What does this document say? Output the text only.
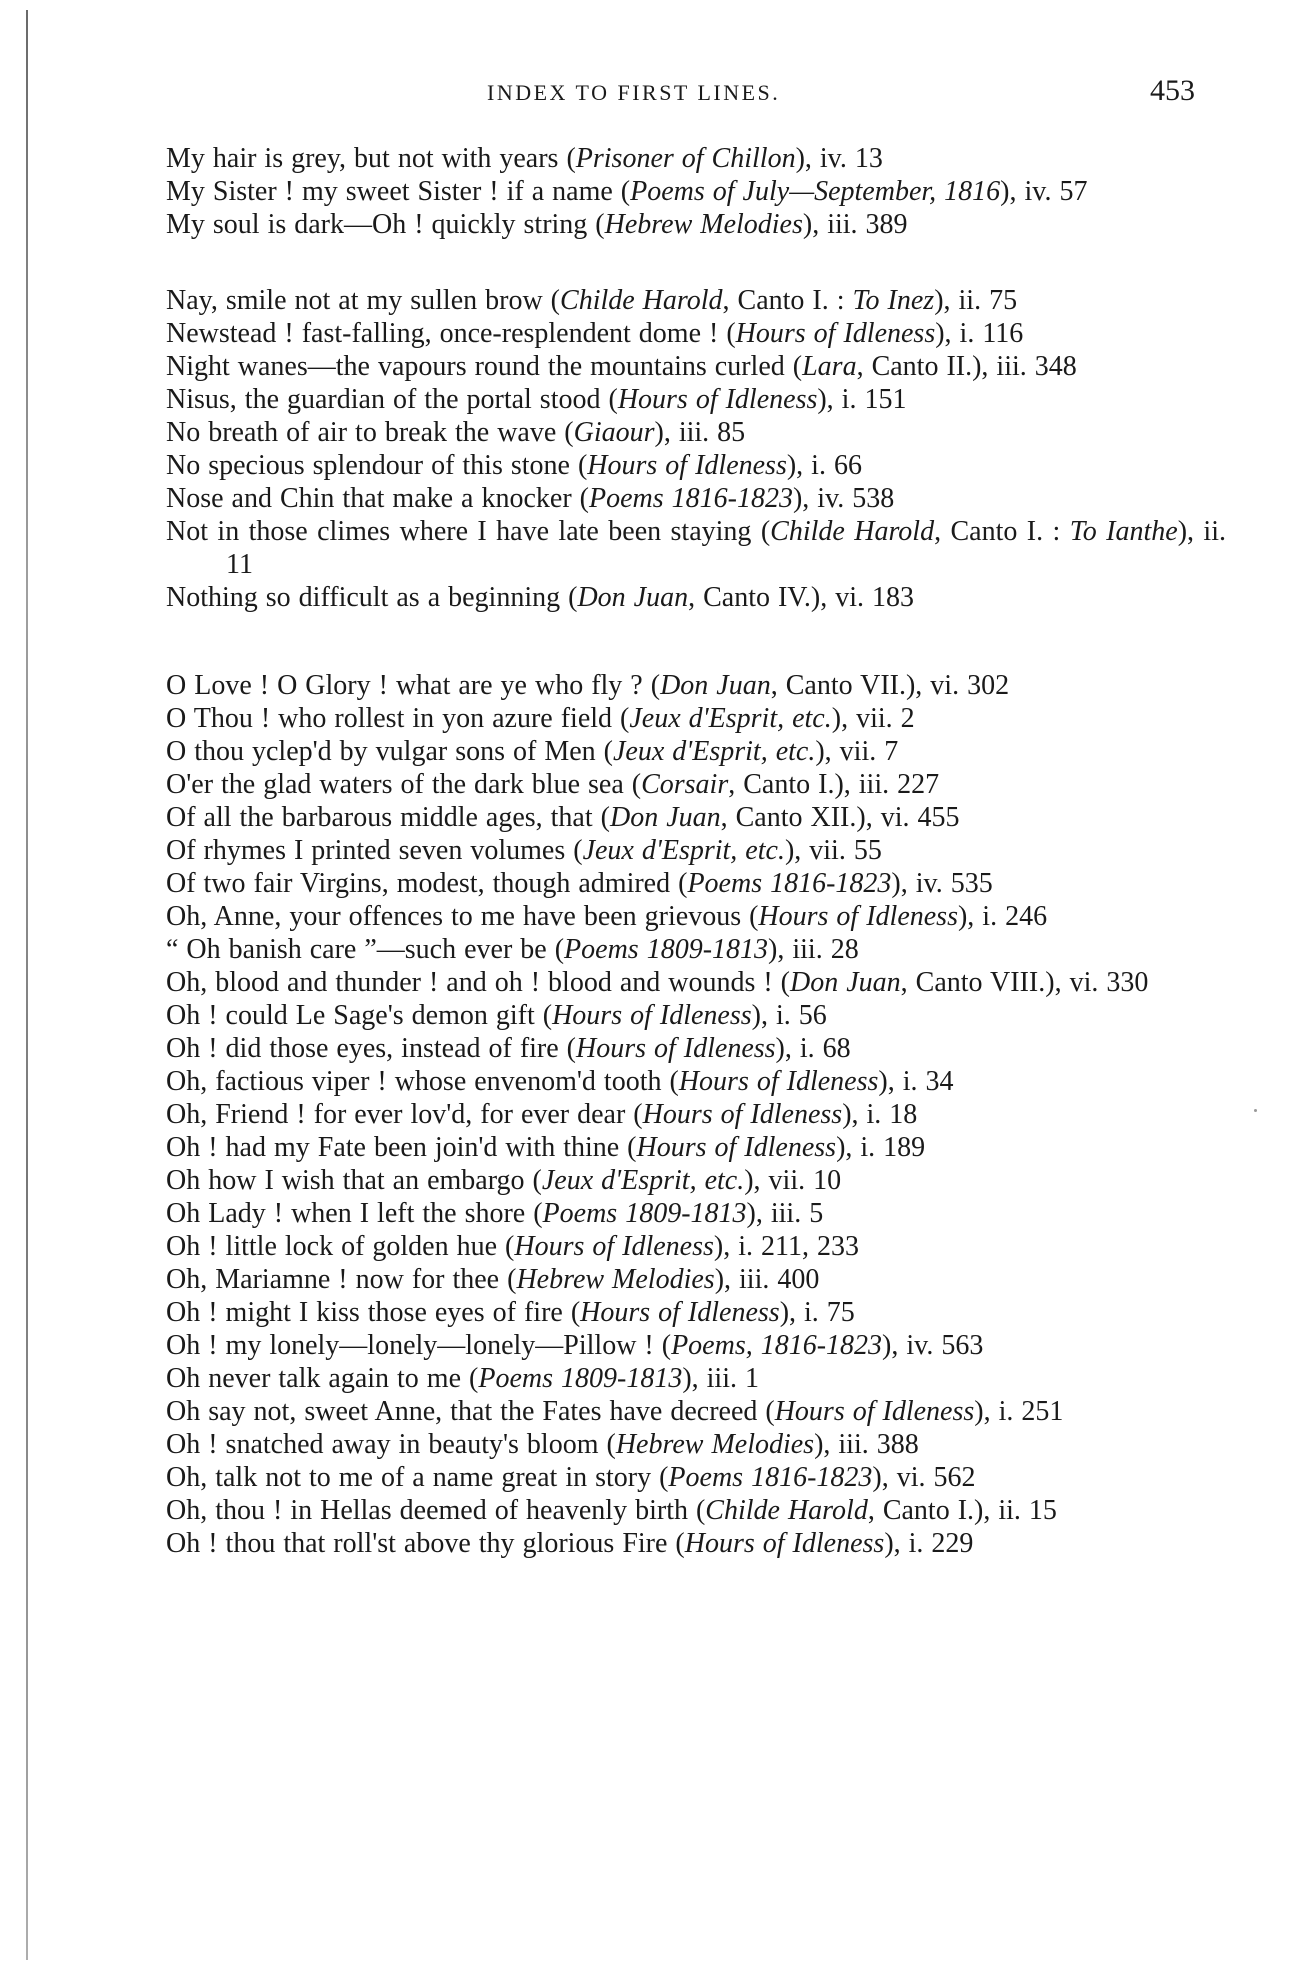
INDEX TO FIRST LINES.	453
My hair is grey, but not with years (Prisoner of Chillon), iv. 13
My Sister ! my sweet Sister ! if a name (Poems of July—September, 1816), iv. 57
My soul is dark—Oh ! quickly string (Hebrew Melodies), iii. 389
Nay, smile not at my sullen brow (Childe Harold, Canto I. : To Inez), ii. 75
Newstead ! fast-falling, once-resplendent dome ! (Hours of Idleness), i. 116
Night wanes—the vapours round the mountains curled (Lara, Canto II.), iii. 348
Nisus, the guardian of the portal stood (Hours of Idleness), i. 151
No breath of air to break the wave (Giaour), iii. 85
No specious splendour of this stone (Hours of Idleness), i. 66
Nose and Chin that make a knocker (Poems 1816-1823), iv. 538
Not in those climes where I have late been staying (Childe Harold, Canto I. : To Ianthe), ii. 11
Nothing so difficult as a beginning (Don Juan, Canto IV.), vi. 183
O Love ! O Glory ! what are ye who fly ? (Don Juan, Canto VII.), vi. 302
O Thou ! who rollest in yon azure field (Jeux d'Esprit, etc.), vii. 2
O thou yclep'd by vulgar sons of Men (Jeux d'Esprit, etc.), vii. 7
O'er the glad waters of the dark blue sea (Corsair, Canto I.), iii. 227
Of all the barbarous middle ages, that (Don Juan, Canto XII.), vi. 455
Of rhymes I printed seven volumes (Jeux d'Esprit, etc.), vii. 55
Of two fair Virgins, modest, though admired (Poems 1816-1823), iv. 535
Oh, Anne, your offences to me have been grievous (Hours of Idleness), i. 246
“ Oh banish care ”—such ever be (Poems 1809-1813), iii. 28
Oh, blood and thunder ! and oh ! blood and wounds ! (Don Juan, Canto VIII.), vi. 330
Oh ! could Le Sage's demon gift (Hours of Idleness), i. 56
Oh ! did those eyes, instead of fire (Hours of Idleness), i. 68
Oh, factious viper ! whose envenom'd tooth (Hours of Idleness), i. 34
Oh, Friend ! for ever lov'd, for ever dear (Hours of Idleness), i. 18
Oh ! had my Fate been join'd with thine (Hours of Idleness), i. 189
Oh how I wish that an embargo (Jeux d'Esprit, etc.), vii. 10
Oh Lady ! when I left the shore (Poems 1809-1813), iii. 5
Oh ! little lock of golden hue (Hours of Idleness), i. 211, 233
Oh, Mariamne ! now for thee (Hebrew Melodies), iii. 400
Oh ! might I kiss those eyes of fire (Hours of Idleness), i. 75
Oh ! my lonely—lonely—lonely—Pillow ! (Poems, 1816-1823), iv. 563
Oh never talk again to me (Poems 1809-1813), iii. 1
Oh say not, sweet Anne, that the Fates have decreed (Hours of Idleness), i. 251
Oh ! snatched away in beauty's bloom (Hebrew Melodies), iii. 388
Oh, talk not to me of a name great in story (Poems 1816-1823), vi. 562
Oh, thou ! in Hellas deemed of heavenly birth (Childe Harold, Canto I.), ii. 15
Oh ! thou that roll'st above thy glorious Fire (Hours of Idleness), i. 229
